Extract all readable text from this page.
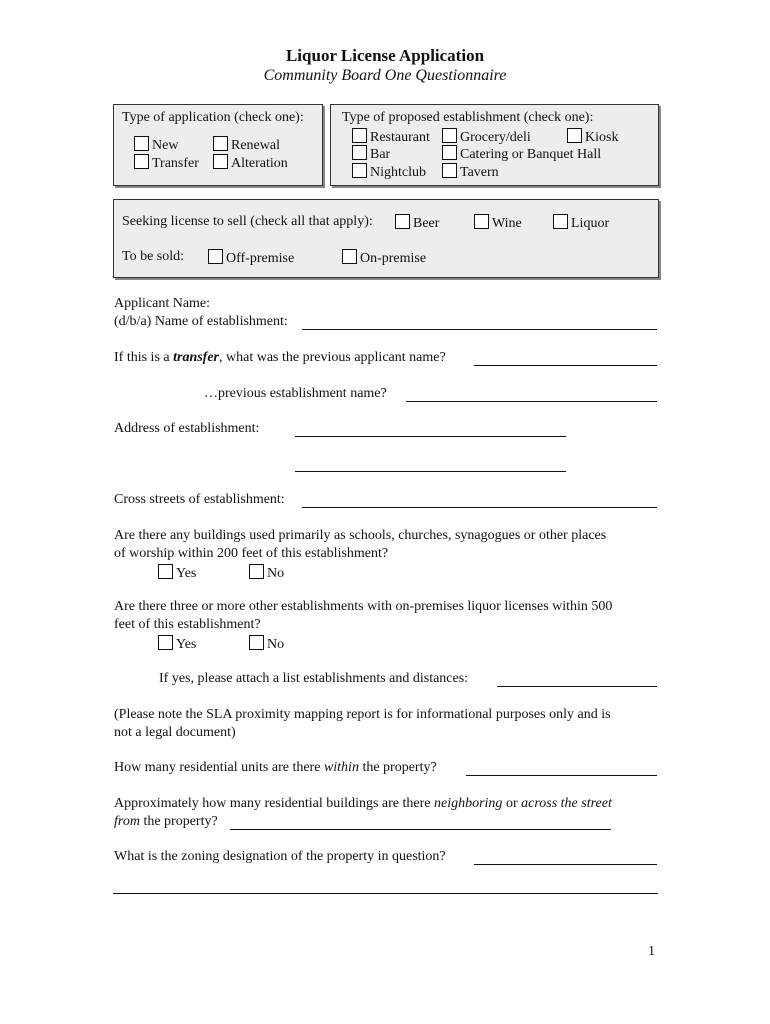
Liquor License Application
Community Board One Questionnaire
Type of application (check one):
New	Renewal
Transfer	Alteration
Type of proposed establishment (check one):
Restaurant	Grocery/deli	Kiosk
Bar	Catering or Banquet Hall
Nightclub	Tavern
Seeking license to sell (check all that apply):	Beer	Wine	Liquor
To be sold:	Off-premise	On-premise
Applicant Name:
(d/b/a) Name of establishment:
If this is a transfer, what was the previous applicant name?
…previous establishment name?
Address of establishment:
Cross streets of establishment:
Are there any buildings used primarily as schools, churches, synagogues or other places
of worship within 200 feet of this establishment?
Yes	No
Are there three or more other establishments with on-premises liquor licenses within 500
feet of this establishment?
Yes	No
If yes, please attach a list establishments and distances:
(Please note the SLA proximity mapping report is for informational purposes only and is
not a legal document)
How many residential units are there within the property?
Approximately how many residential buildings are there neighboring or across the street
from the property?
What is the zoning designation of the property in question?
1
